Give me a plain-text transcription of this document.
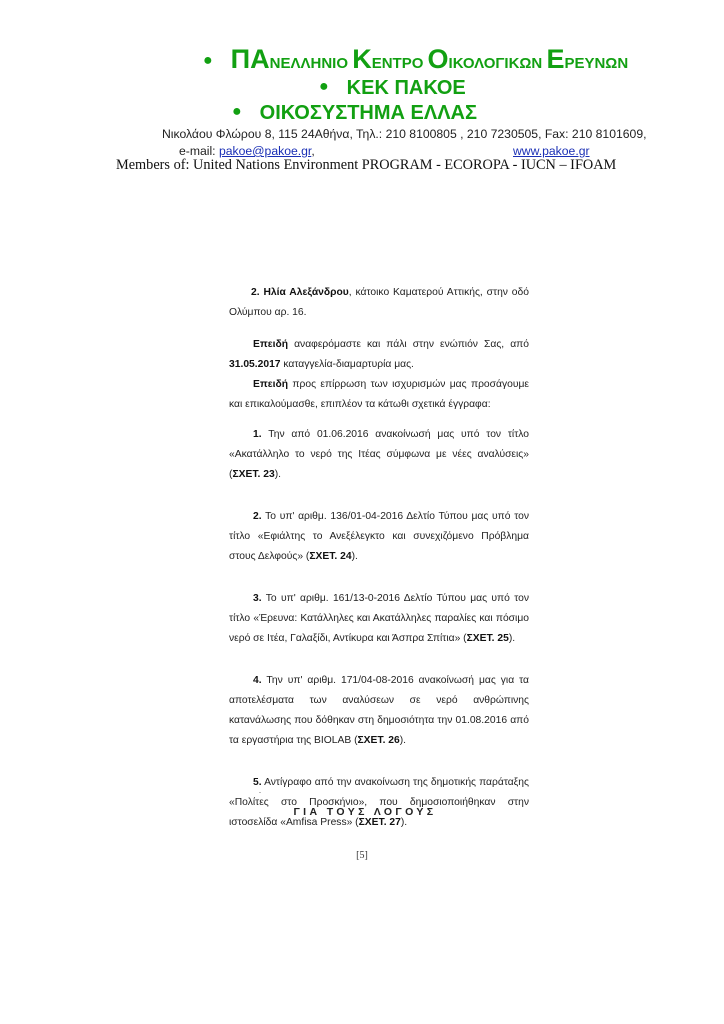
● ΠΑΝΕΛΛΗΝΙΟ ΚΕΝΤΡΟ ΟΙΚΟΛΟΓΙΚΩΝ ΕΡΕΥΝΩΝ
● ΚΕΚ ΠΑΚΟΕ
● ΟΙΚΟΣΥΣΤΗΜΑ ΕΛΛΑΣ
Νικολάου Φλώρου 8, 115 24Αθήνα, Τηλ.: 210 8100805 , 210 7230505, Fax: 210 8101609,
e-mail: pakoe@pakoe.gr,	www.pakoe.gr
Members of: United Nations Environment PROGRAM - ECOROPA - IUCN – IFOAM
2. Ηλία Αλεξάνδρου, κάτοικο Καματερού Αττικής, στην οδό Ολύμπου αρ. 16.
Επειδή αναφερόμαστε και πάλι στην ενώπιόν Σας, από 31.05.2017 καταγγελία-διαμαρτυρία μας.
Επειδή προς επίρρωση των ισχυρισμών μας προσάγουμε και επικαλούμασθε, επιπλέον τα κάτωθι σχετικά έγγραφα:
1. Την από 01.06.2016 ανακοίνωσή μας υπό τον τίτλο «Ακατάλληλο το νερό της Ιτέας σύμφωνα με νέες αναλύσεις» (ΣΧΕΤ. 23).
2. Το υπ' αριθμ. 136/01-04-2016 Δελτίο Τύπου μας υπό τον τίτλο «Εφιάλτης το Ανεξέλεγκτο και συνεχιζόμενο Πρόβλημα στους Δελφούς» (ΣΧΕΤ. 24).
3. Το υπ' αριθμ. 161/13-0-2016 Δελτίο Τύπου μας υπό τον τίτλο «Έρευνα: Κατάλληλες και Ακατάλληλες παραλίες και πόσιμο νερό σε Ιτέα, Γαλαξίδι, Αντίκυρα και Άσπρα Σπίτια» (ΣΧΕΤ. 25).
4. Την υπ' αριθμ. 171/04-08-2016 ανακοίνωσή μας για τα αποτελέσματα των αναλύσεων σε νερό ανθρώπινης κατανάλωσης που δόθηκαν στη δημοσιότητα την 01.08.2016 από τα εργαστήρια της BIOLAB (ΣΧΕΤ. 26).
5. Αντίγραφο από την ανακοίνωση της δημοτικής παράταξης «Πολίτες στο Προσκήνιο», που δημοσιοποιήθηκαν στην ιστοσελίδα «Amfisa Press» (ΣΧΕΤ. 27).
ΓΙΑ ΤΟΥΣ ΛΟΓΟΥΣ
[5]
